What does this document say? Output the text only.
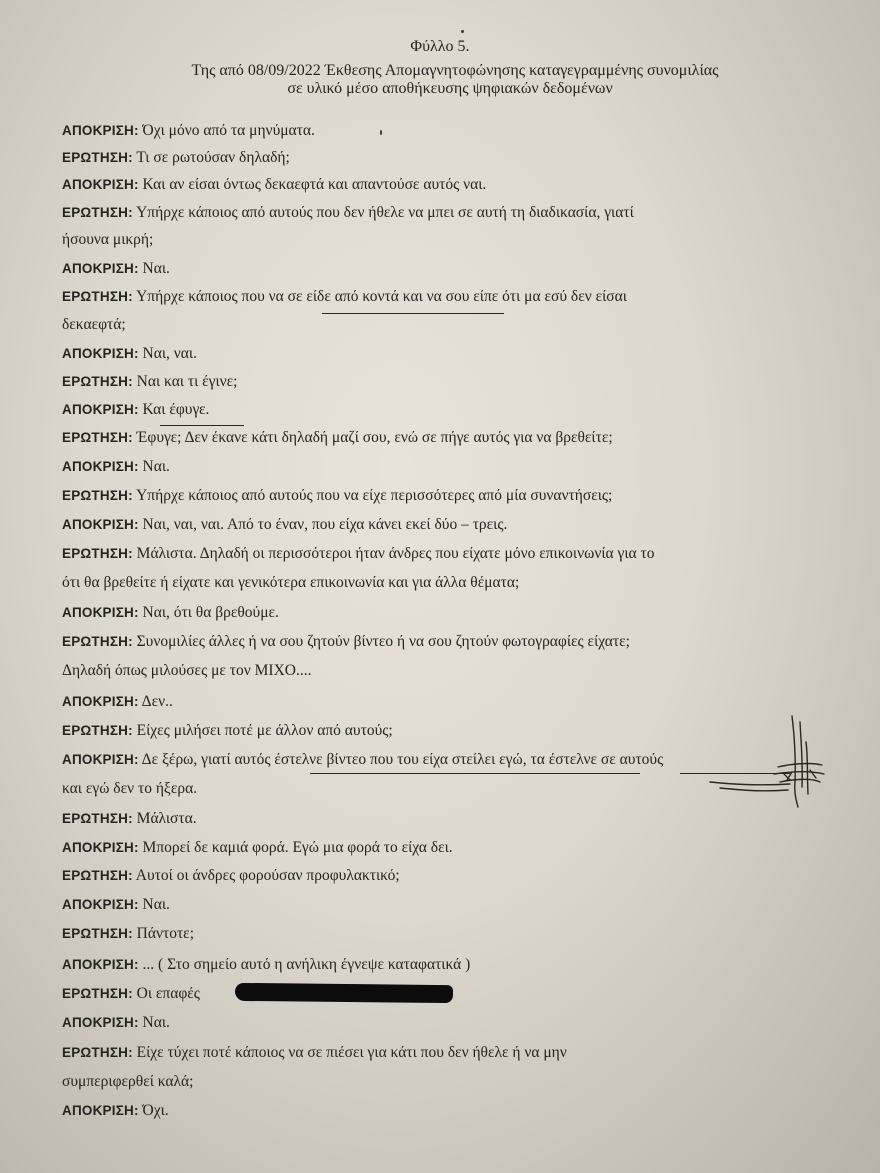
Φύλλο 5.
Της από 08/09/2022 Έκθεσης Απομαγνητοφώνησης καταγεγραμμένης συνομιλίας
σε υλικό μέσο αποθήκευσης ψηφιακών δεδομένων
ΑΠΟΚΡΙΣΗ: Όχι μόνο από τα μηνύματα.
ΕΡΩΤΗΣΗ: Τι σε ρωτούσαν δηλαδή;
ΑΠΟΚΡΙΣΗ: Και αν είσαι όντως δεκαεφτά και απαντούσε αυτός ναι.
ΕΡΩΤΗΣΗ: Υπήρχε κάποιος από αυτούς που δεν ήθελε να μπει σε αυτή τη διαδικασία, γιατί
ήσουνα μικρή;
ΑΠΟΚΡΙΣΗ: Ναι.
ΕΡΩΤΗΣΗ: Υπήρχε κάποιος που να σε είδε από κοντά και να σου είπε ότι μα εσύ δεν είσαι
δεκαεφτά;
ΑΠΟΚΡΙΣΗ: Ναι, ναι.
ΕΡΩΤΗΣΗ: Ναι και τι έγινε;
ΑΠΟΚΡΙΣΗ: Και έφυγε.
ΕΡΩΤΗΣΗ: Έφυγε; Δεν έκανε κάτι δηλαδή μαζί σου, ενώ σε πήγε αυτός για να βρεθείτε;
ΑΠΟΚΡΙΣΗ: Ναι.
ΕΡΩΤΗΣΗ: Υπήρχε κάποιος από αυτούς που να είχε περισσότερες από μία συναντήσεις;
ΑΠΟΚΡΙΣΗ: Ναι, ναι, ναι. Από το έναν, που είχα κάνει εκεί δύο – τρεις.
ΕΡΩΤΗΣΗ: Μάλιστα. Δηλαδή οι περισσότεροι ήταν άνδρες που είχατε μόνο επικοινωνία για το
ότι θα βρεθείτε ή είχατε και γενικότερα επικοινωνία και για άλλα θέματα;
ΑΠΟΚΡΙΣΗ: Ναι, ότι θα βρεθούμε.
ΕΡΩΤΗΣΗ: Συνομιλίες άλλες ή να σου ζητούν βίντεο ή να σου ζητούν φωτογραφίες είχατε;
Δηλαδή όπως μιλούσες με τον ΜΙΧΟ....
ΑΠΟΚΡΙΣΗ: Δεν..
ΕΡΩΤΗΣΗ: Είχες μιλήσει ποτέ με άλλον από αυτούς;
ΑΠΟΚΡΙΣΗ: Δε ξέρω, γιατί αυτός έστελνε βίντεο που του είχα στείλει εγώ, τα έστελνε σε αυτούς
και εγώ δεν το ήξερα.
ΕΡΩΤΗΣΗ: Μάλιστα.
ΑΠΟΚΡΙΣΗ: Μπορεί δε καμιά φορά. Εγώ μια φορά το είχα δει.
ΕΡΩΤΗΣΗ: Αυτοί οι άνδρες φορούσαν προφυλακτικό;
ΑΠΟΚΡΙΣΗ: Ναι.
ΕΡΩΤΗΣΗ: Πάντοτε;
ΑΠΟΚΡΙΣΗ: ... ( Στο σημείο αυτό η ανήλικη έγνεψε καταφατικά )
ΕΡΩΤΗΣΗ: Οι επαφές
ΑΠΟΚΡΙΣΗ: Ναι.
ΕΡΩΤΗΣΗ: Είχε τύχει ποτέ κάποιος να σε πιέσει για κάτι που δεν ήθελε ή να μην
συμπεριφερθεί καλά;
ΑΠΟΚΡΙΣΗ: Όχι.
